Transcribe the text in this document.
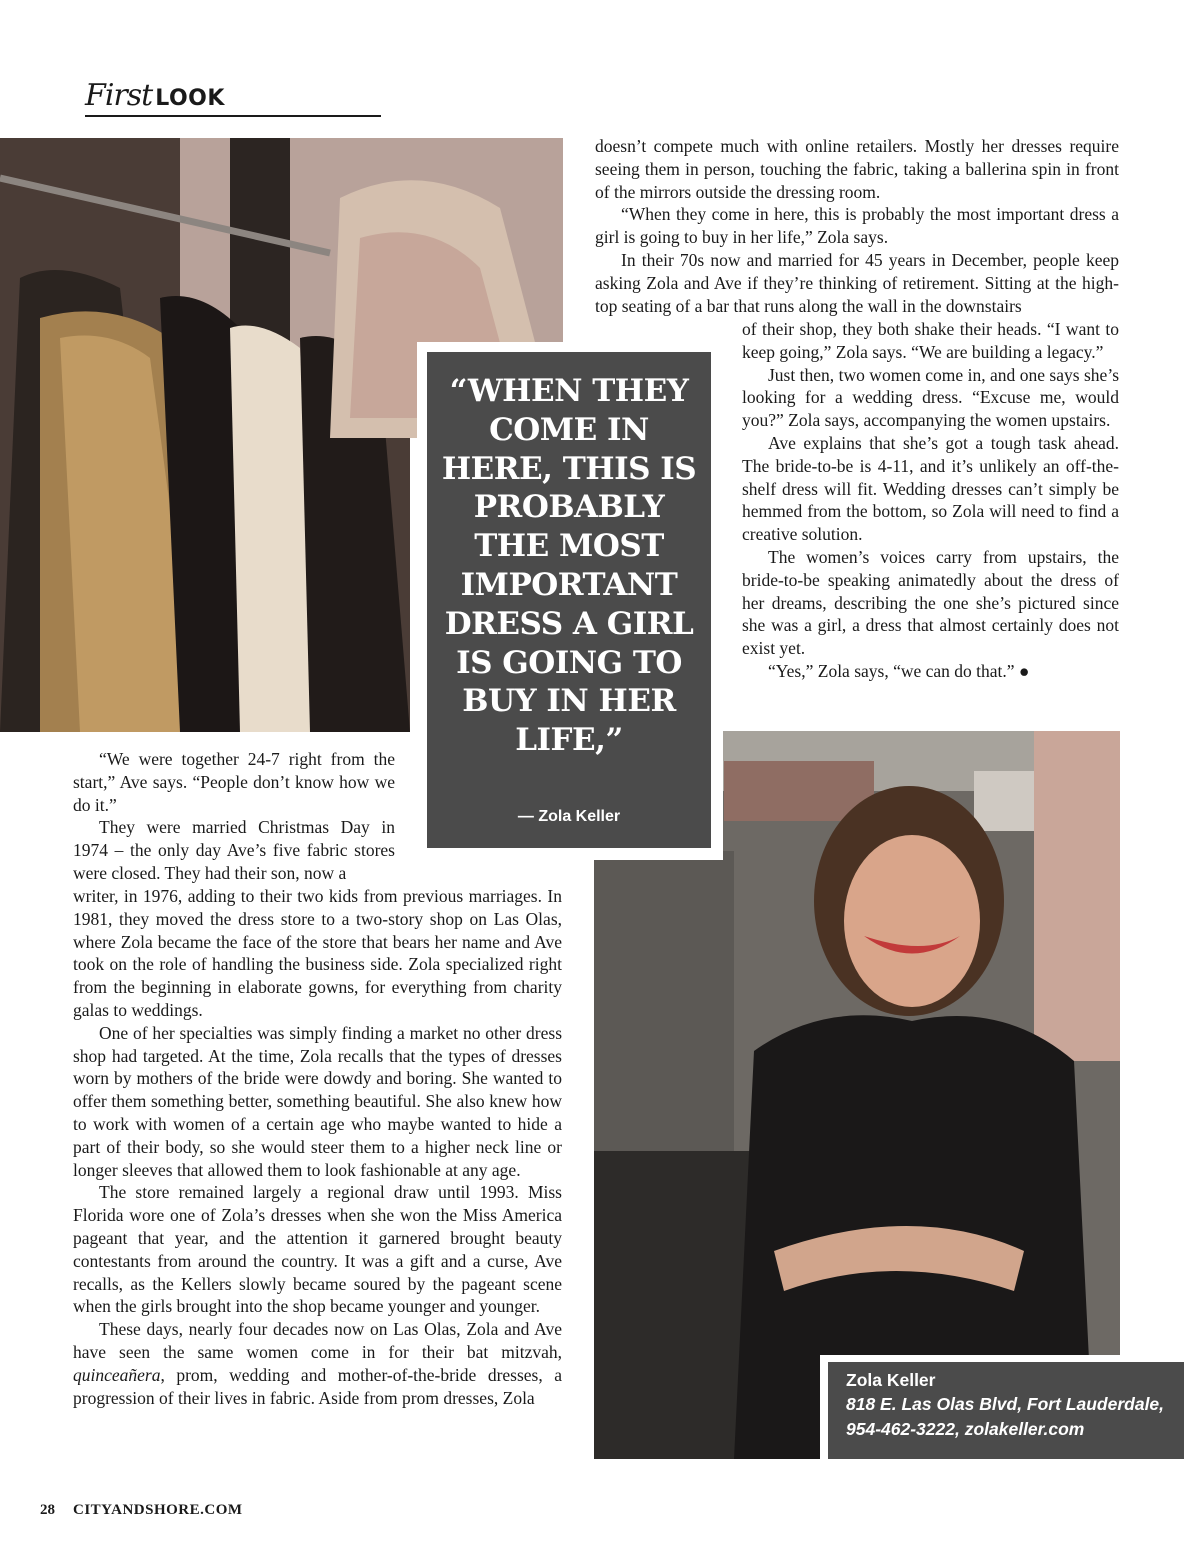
First LOOK

doesn’t compete much with online retailers. Mostly her dresses require seeing them in person, touching the fabric, taking a ballerina spin in front of the mirrors outside the dressing room.

“When they come in here, this is probably the most important dress a girl is going to buy in her life,” Zola says.

In their 70s now and married for 45 years in December, people keep asking Zola and Ave if they’re thinking of retirement. Sitting at the high-top seating of a bar that runs along the wall in the downstairs

of their shop, they both shake their heads. “I want to keep going,” Zola says. “We are building a legacy.”

Just then, two women come in, and one says she’s looking for a wedding dress. “Excuse me, would you?” Zola says, accompanying the women upstairs.

Ave explains that she’s got a tough task ahead. The bride-to-be is 4-11, and it’s unlikely an off-the-shelf dress will fit. Wedding dresses can’t simply be hemmed from the bottom, so Zola will need to find a creative solution.

The women’s voices carry from upstairs, the bride-to-be speaking animatedly about the dress of her dreams, describing the one she’s pictured since she was a girl, a dress that almost certainly does not exist yet.

“Yes,” Zola says, “we can do that.” ●

“WHEN THEY COME IN HERE, THIS IS PROBABLY THE MOST IMPORTANT DRESS A GIRL IS GOING TO BUY IN HER LIFE,”
— Zola Keller

“We were together 24-7 right from the start,” Ave says. “People don’t know how we do it.”

They were married Christmas Day in 1974 – the only day Ave’s five fabric stores were closed. They had their son, now a

writer, in 1976, adding to their two kids from previous marriages. In 1981, they moved the dress store to a two-story shop on Las Olas, where Zola became the face of the store that bears her name and Ave took on the role of handling the business side. Zola specialized right from the beginning in elaborate gowns, for everything from charity galas to weddings.

One of her specialties was simply finding a market no other dress shop had targeted. At the time, Zola recalls that the types of dresses worn by mothers of the bride were dowdy and boring. She wanted to offer them something better, something beautiful. She also knew how to work with women of a certain age who maybe wanted to hide a part of their body, so she would steer them to a higher neck line or longer sleeves that allowed them to look fashionable at any age.

The store remained largely a regional draw until 1993. Miss Florida wore one of Zola’s dresses when she won the Miss America pageant that year, and the attention it garnered brought beauty contestants from around the country. It was a gift and a curse, Ave recalls, as the Kellers slowly became soured by the pageant scene when the girls brought into the shop became younger and younger.

These days, nearly four decades now on Las Olas, Zola and Ave have seen the same women come in for their bat mitzvah, quinceañera, prom, wedding and mother-of-the-bride dresses, a progression of their lives in fabric. Aside from prom dresses, Zola

Zola Keller
818 E. Las Olas Blvd, Fort Lauderdale,
954-462-3222, zolakeller.com
28 CITYANDSHORE.COM
